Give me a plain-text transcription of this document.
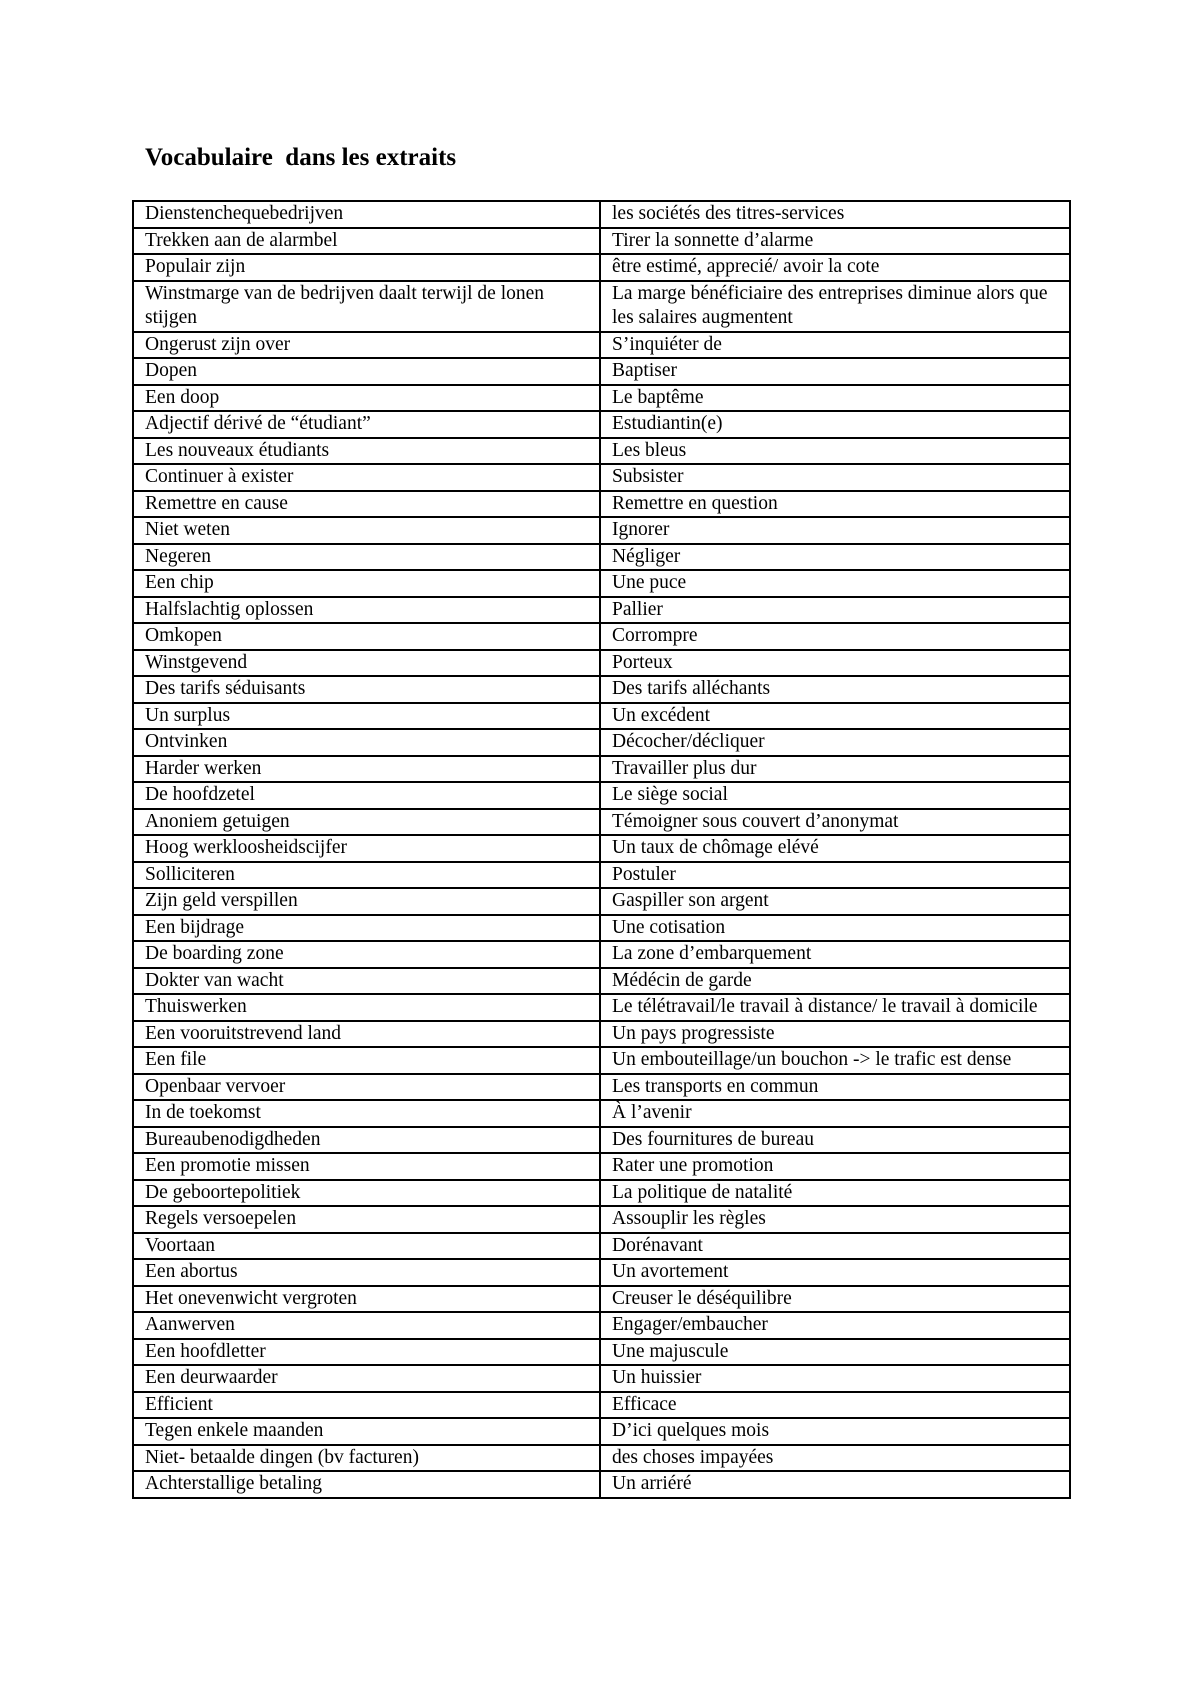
Vocabulaire  dans les extraits
Dienstenchequebedrijven	les sociétés des titres-services
Trekken aan de alarmbel	Tirer la sonnette d’alarme
Populair zijn	être estimé, apprecié/ avoir la cote
Winstmarge van de bedrijven daalt terwijl de lonen stijgen	La marge bénéficiaire des entreprises diminue alors que les salaires augmentent
Ongerust zijn over	S’inquiéter de
Dopen	Baptiser
Een doop	Le baptême
Adjectif dérivé de “étudiant”	Estudiantin(e)
Les nouveaux étudiants	Les bleus
Continuer à exister	Subsister
Remettre en cause	Remettre en question
Niet weten	Ignorer
Negeren	Négliger
Een chip	Une puce
Halfslachtig oplossen	Pallier
Omkopen	Corrompre
Winstgevend	Porteux
Des tarifs séduisants	Des tarifs alléchants
Un surplus	Un excédent
Ontvinken	Décocher/décliquer
Harder werken	Travailler plus dur
De hoofdzetel	Le siège social
Anoniem getuigen	Témoigner sous couvert d’anonymat
Hoog werkloosheidscijfer	Un taux de chômage elévé
Solliciteren	Postuler
Zijn geld verspillen	Gaspiller son argent
Een bijdrage	Une cotisation
De boarding zone	La zone d’embarquement
Dokter van wacht	Médécin de garde
Thuiswerken	Le télétravail/le travail à distance/ le travail à domicile
Een vooruitstrevend land	Un pays progressiste
Een file	Un embouteillage/un bouchon -> le trafic est dense
Openbaar vervoer	Les transports en commun
In de toekomst	À l’avenir
Bureaubenodigdheden	Des fournitures de bureau
Een promotie missen	Rater une promotion
De geboortepolitiek	La politique de natalité
Regels versoepelen	Assouplir les règles
Voortaan	Dorénavant
Een abortus	Un avortement
Het onevenwicht vergroten	Creuser le déséquilibre
Aanwerven	Engager/embaucher
Een hoofdletter	Une majuscule
Een deurwaarder	Un huissier
Efficient	Efficace
Tegen enkele maanden	D’ici quelques mois
Niet- betaalde dingen (bv facturen)	des choses impayées
Achterstallige betaling	Un arriéré
